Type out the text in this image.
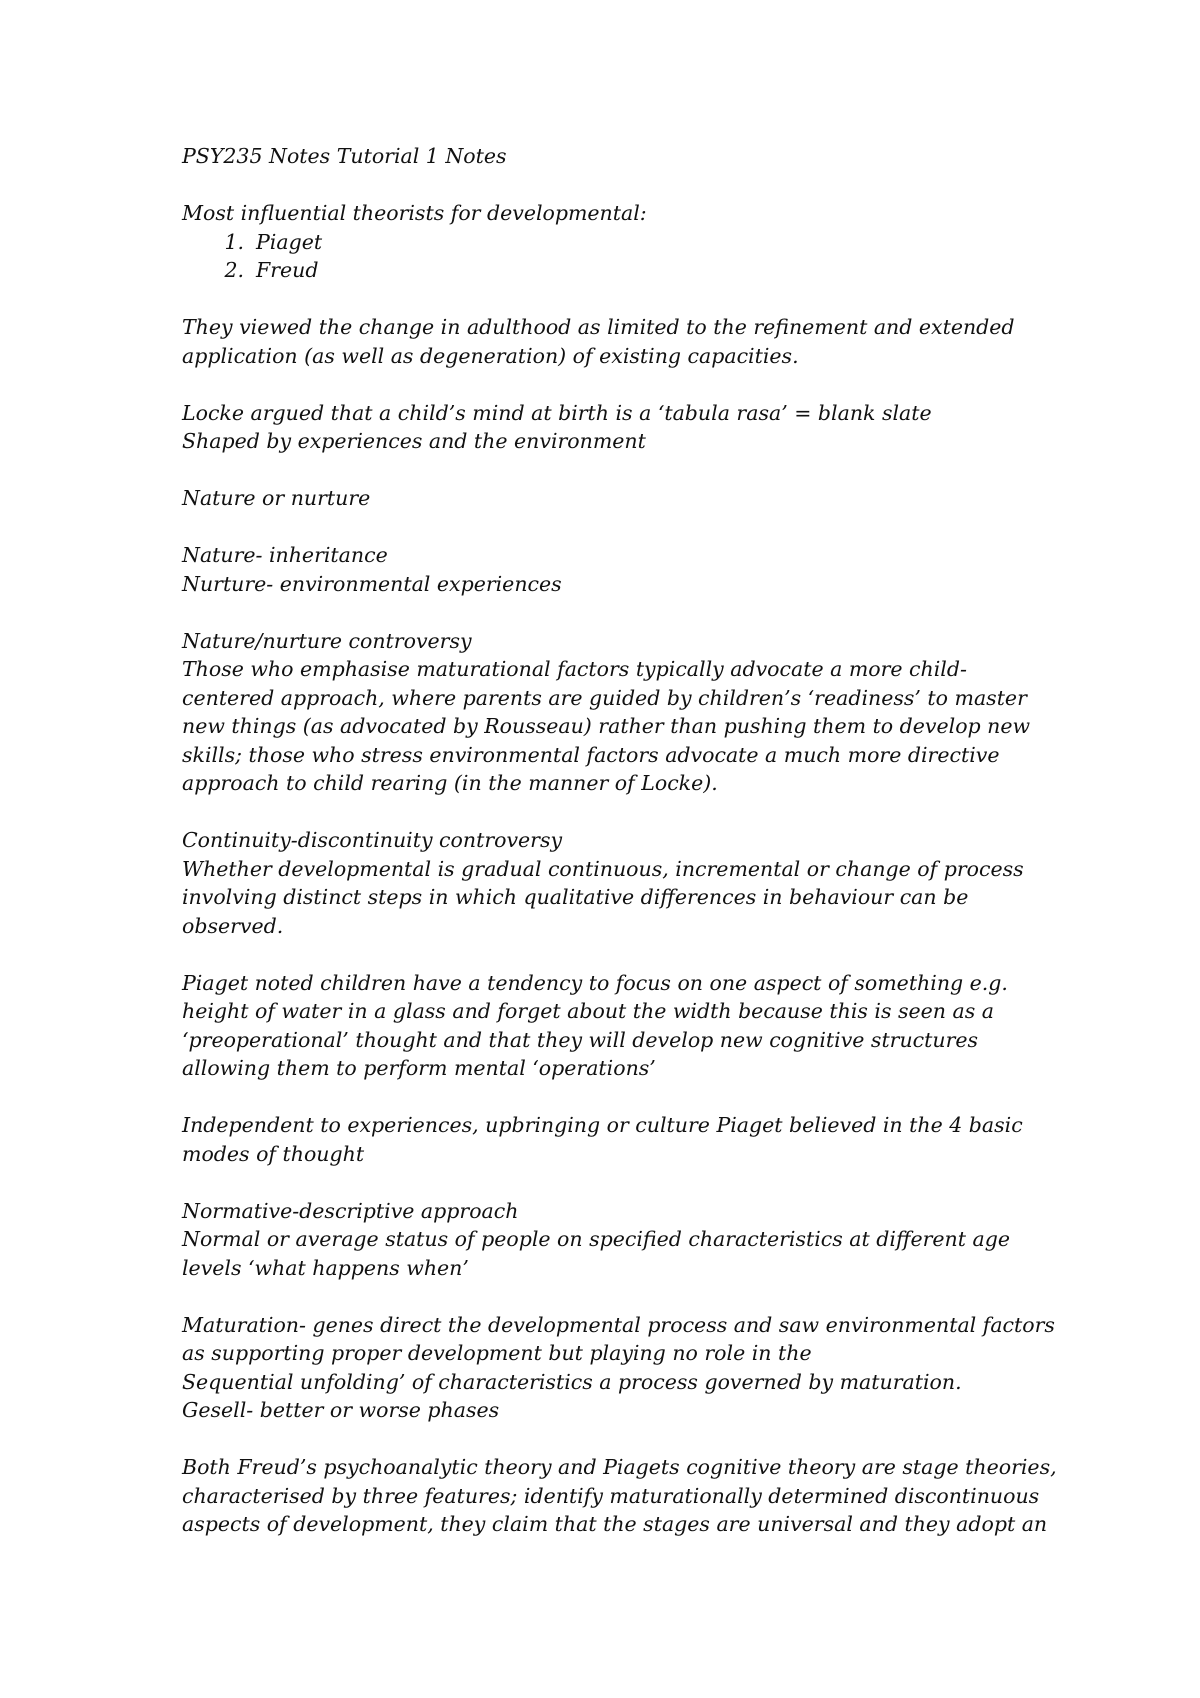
PSY235 Notes Tutorial 1 Notes
Most influential theorists for developmental:
1. Piaget
2. Freud
They viewed the change in adulthood as limited to the refinement and extended
application (as well as degeneration) of existing capacities.
Locke argued that a child’s mind at birth is a ‘tabula rasa’ = blank slate
Shaped by experiences and the environment
Nature or nurture
Nature- inheritance
Nurture- environmental experiences
Nature/nurture controversy
Those who emphasise maturational factors typically advocate a more child-
centered approach, where parents are guided by children’s ‘readiness’ to master
new things (as advocated by Rousseau) rather than pushing them to develop new
skills; those who stress environmental factors advocate a much more directive
approach to child rearing (in the manner of Locke).
Continuity-discontinuity controversy
Whether developmental is gradual continuous, incremental or change of process
involving distinct steps in which qualitative differences in behaviour can be
observed.
Piaget noted children have a tendency to focus on one aspect of something e.g.
height of water in a glass and forget about the width because this is seen as a
‘preoperational’ thought and that they will develop new cognitive structures
allowing them to perform mental ‘operations’
Independent to experiences, upbringing or culture Piaget believed in the 4 basic
modes of thought
Normative-descriptive approach
Normal or average status of people on specified characteristics at different age
levels ‘what happens when’
Maturation- genes direct the developmental process and saw environmental factors
as supporting proper development but playing no role in the
Sequential unfolding’ of characteristics a process governed by maturation.
Gesell- better or worse phases
Both Freud’s psychoanalytic theory and Piagets cognitive theory are stage theories,
characterised by three features; identify maturationally determined discontinuous
aspects of development, they claim that the stages are universal and they adopt an
